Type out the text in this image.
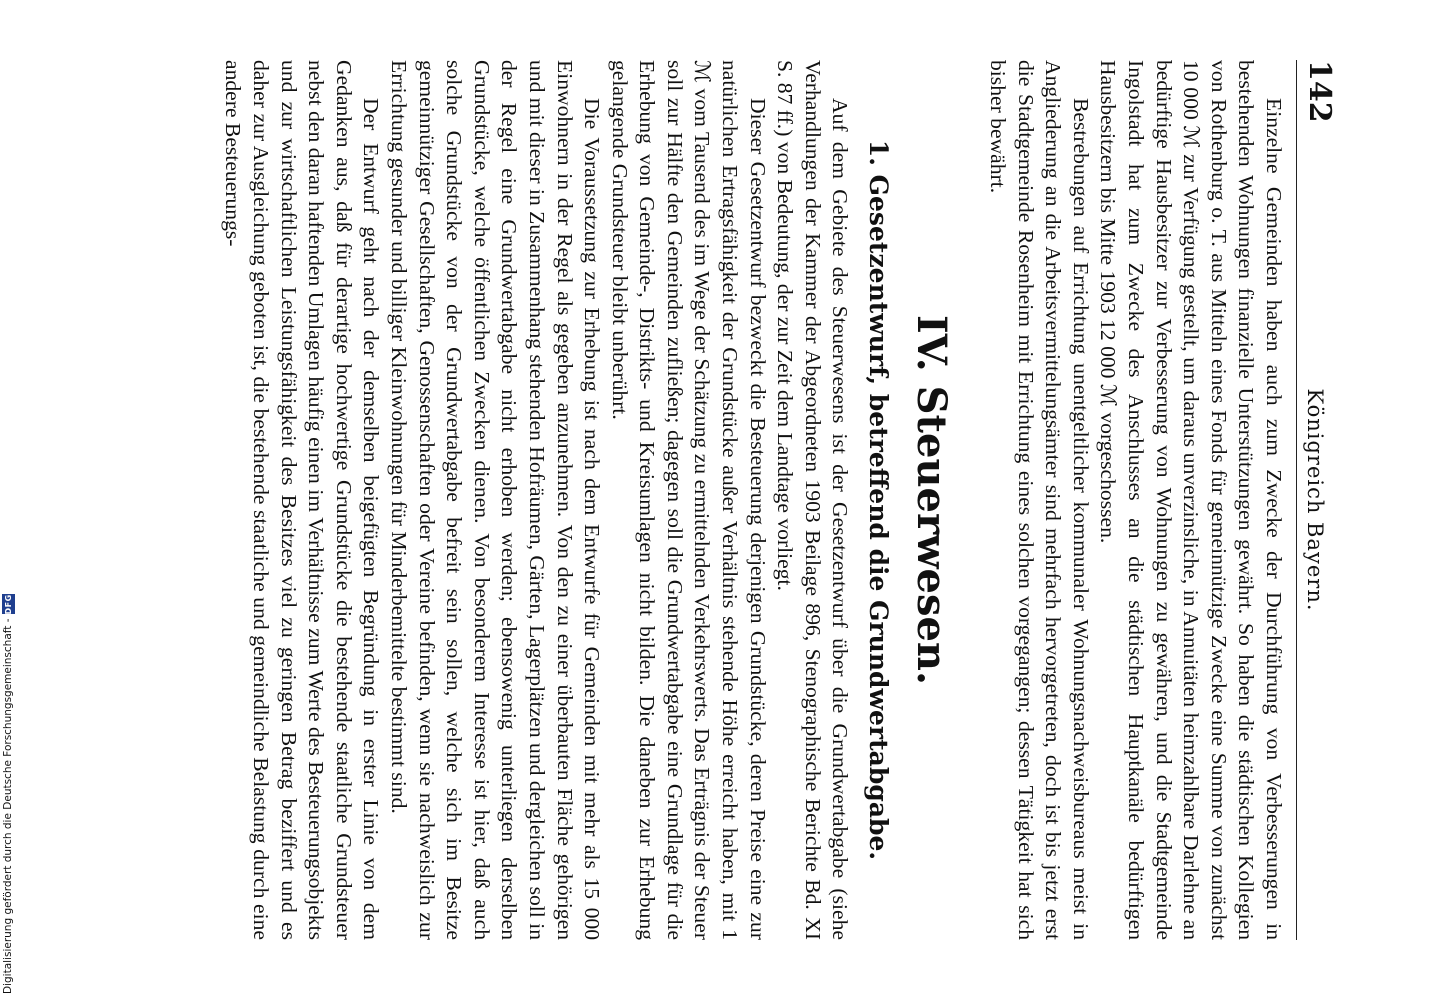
142
Königreich Bayern.

Einzelne Gemeinden haben auch zum Zwecke der Durchführung von Verbesserungen in bestehenden Wohnungen finanzielle Unterstützungen gewährt. So haben die städtischen Kollegien von Rothenburg o. T. aus Mitteln eines Fonds für gemeinnützige Zwecke eine Summe von zunächst 10 000 ℳ zur Verfügung gestellt, um daraus unverzinsliche, in Annuitäten heimzahlbare Darlehne an bedürftige Hausbesitzer zur Verbesserung von Wohnungen zu gewähren, und die Stadtgemeinde Ingolstadt hat zum Zwecke des Anschlusses an die städtischen Hauptkanäle bedürftigen Hausbesitzern bis Mitte 1903 12 000 ℳ vorgeschossen.

Bestrebungen auf Errichtung unentgeltlicher kommunaler Wohnungsnachweisbureaus meist in Angliederung an die Arbeitsvermittelungsämter sind mehrfach hervorgetreten, doch ist bis jetzt erst die Stadtgemeinde Rosenheim mit Errichtung eines solchen vorgegangen; dessen Tätigkeit hat sich bisher bewährt.

IV. Steuerwesen.
1. Gesetzentwurf, betreffend die Grundwertabgabe.

Auf dem Gebiete des Steuerwesens ist der Gesetzentwurf über die Grundwertabgabe (siehe Verhandlungen der Kammer der Abgeordneten 1903 Beilage 896, Stenographische Berichte Bd. XI S. 87 ff.) von Bedeutung, der zur Zeit dem Landtage vorliegt.

Dieser Gesetzentwurf bezweckt die Besteuerung derjenigen Grundstücke, deren Preise eine zur natürlichen Ertragsfähigkeit der Grundstücke außer Verhältnis stehende Höhe erreicht haben, mit 1 ℳ vom Tausend des im Wege der Schätzung zu ermittelnden Verkehrswerts. Das Erträgnis der Steuer soll zur Hälfte den Gemeinden zufließen; dagegen soll die Grundwertabgabe eine Grundlage für die Erhebung von Gemeinde-, Distrikts- und Kreisumlagen nicht bilden. Die daneben zur Erhebung gelangende Grundsteuer bleibt unberührt.

Die Voraussetzung zur Erhebung ist nach dem Entwurfe für Gemeinden mit mehr als 15 000 Einwohnern in der Regel als gegeben anzunehmen. Von den zu einer überbauten Fläche gehörigen und mit dieser in Zusammenhang stehenden Hofräumen, Gärten, Lagerplätzen und dergleichen soll in der Regel eine Grundwertabgabe nicht erhoben werden; ebensowenig unterliegen derselben Grundstücke, welche öffentlichen Zwecken dienen. Von besonderem Interesse ist hier, daß auch solche Grundstücke von der Grundwertabgabe befreit sein sollen, welche sich im Besitze gemeinnütziger Gesellschaften, Genossenschaften oder Vereine befinden, wenn sie nachweislich zur Errichtung gesunder und billiger Kleinwohnungen für Minderbemittelte bestimmt sind.

Der Entwurf geht nach der demselben beigefügten Begründung in erster Linie von dem Gedanken aus, daß für derartige hochwertige Grundstücke die bestehende staatliche Grundsteuer nebst den daran haftenden Umlagen häufig einen im Verhältnisse zum Werte des Besteuerungsobjekts und zur wirtschaftlichen Leistungsfähigkeit des Besitzes viel zu geringen Betrag beziffert und es daher zur Ausgleichung geboten ist, die bestehende staatliche und gemeindliche Belastung durch eine andere Besteuerungs-

Digitalisierung gefördert durch die Deutsche Forschungsgemeinschaft -
DFG
